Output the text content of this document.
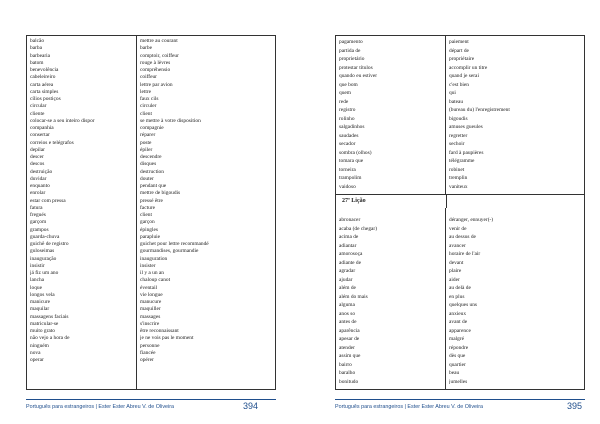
balcão
barba
barbearia
batom
benevolência
cabeleireiro
carta aérea
carta simples
cílios postiços
circular
cliente
colocar-se a seu inteiro dispor
companhia
consertar
correios e telégrafos
depilar
descer
descos
destruição
duvidar
enquanto
enrolar
estar com pressa
fatura
fregués
garçom
grampos
guarda-chuva
guichê de registro
guloseimas
inauguração
insistir
já fiz um ano
lancha
loque
longos vela
manicure
maquilar
massagens faciais
matricular-se
muito grato
não vejo a hora de
ninguém
nova
operar
mettre au courant
barbe
comptoir, coiffeur
rouge à lèvres
compréhensio
coiffeur
lettre par avion
lettre
faux cils
circuler
client
se mettre à votre disposition
compagnie
réparer
poste
épiler
descendre
disques
destruction
douter
pendant que
mettre de bigoudis
pressé être
facture
client
garçon
épingles
parapluie
guichet pour lettre recommandé
gourmandises, gourmandie
inauguration
insister
il y a un an
chaloup canot
éventail
vie longue
manucure
maquiller
massages
s'inscrire
être reconnaissant
je ne vois pas le moment
personne
fiancée
opérer
Português para estrangeiros | Ester Ester Abreu V. de Oliveira	394
pagamento
partida de
proprietário
protestar títulos
quando eu estiver
que bom
quem
rede
registro
rolinho
salgadinhos
saudades
secador
sombra (olhos)
tomara que
torneira
trampolim
vaidoso
paiement
départ de
propriétaire
accomplir un titre
quand je serai
c'est bien
qui
bateau
(bureau du) l'enregistrement
bigoudis
amuses gueules
regretter
sechoir
fard à paupières
télégramme
robinet
tremplin
vaniteux
27ª Lição
abronacer
acaba (de chegar)
acima de
adiantar
amorosoça
adiante de
agradar
ajudar
além de
além do mais
alguma
anos so
antes de
aparência
apesar de
atender
assim que
bairro
baralho
bonitudo
déranger, ennuyer(-)
venir de
au dessus de
avancer
horaire de l'air
devant
plaire
aider
au delà de
en plus
quelques uns
anxieux
avant de
apparence
malgré
répondre
dès que
quartier
beau
jumelles
Português para estrangeiros | Ester Ester Abreu V. de Oliveira	395
